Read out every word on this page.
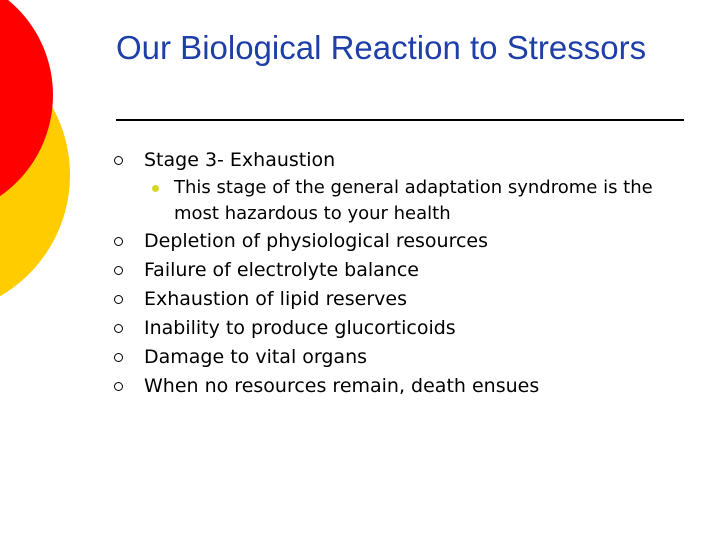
Our Biological Reaction to Stressors
Stage 3- Exhaustion
This stage of the general adaptation syndrome is the most hazardous to your health
Depletion of physiological resources
Failure of electrolyte balance
Exhaustion of lipid reserves
Inability to produce glucorticoids
Damage to vital organs
When no resources remain, death ensues
